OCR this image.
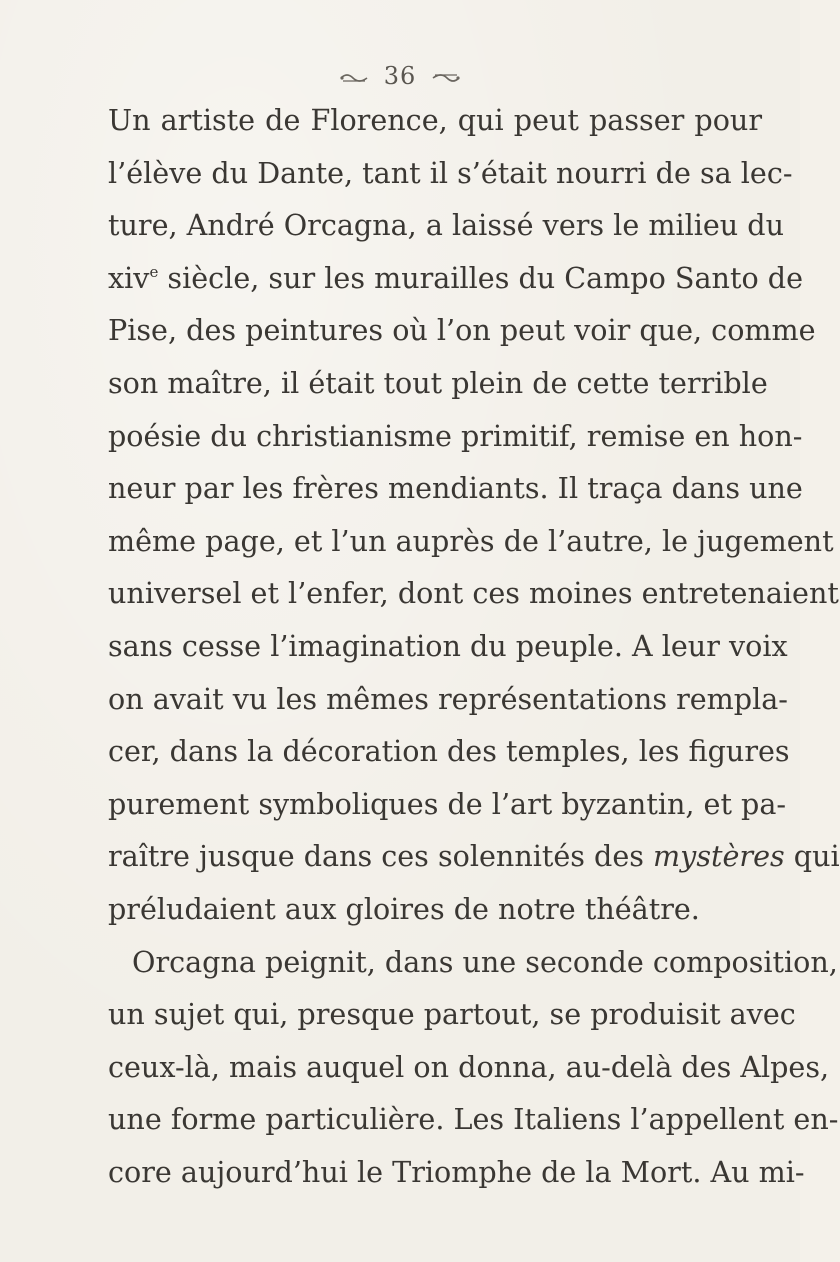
36
Un artiste de Florence, qui peut passer pour
l’élève du Dante, tant il s’était nourri de sa lec-
ture, André Orcagna, a laissé vers le milieu du
xiv$^e$ siècle, sur les murailles du Campo Santo de
Pise, des peintures où l’on peut voir que, comme
son maître, il était tout plein de cette terrible
poésie du christianisme primitif, remise en hon-
neur par les frères mendiants. Il traça dans une
même page, et l’un auprès de l’autre, le jugement
universel et l’enfer, dont ces moines entretenaient
sans cesse l’imagination du peuple. A leur voix
on avait vu les mêmes représentations rempla-
cer, dans la décoration des temples, les figures
purement symboliques de l’art byzantin, et pa-
raître jusque dans ces solennités des mystères qui
préludaient aux gloires de notre théâtre.
Orcagna peignit, dans une seconde composition,
un sujet qui, presque partout, se produisit avec
ceux-là, mais auquel on donna, au-delà des Alpes,
une forme particulière. Les Italiens l’appellent en-
core aujourd’hui le Triomphe de la Mort. Au mi-
